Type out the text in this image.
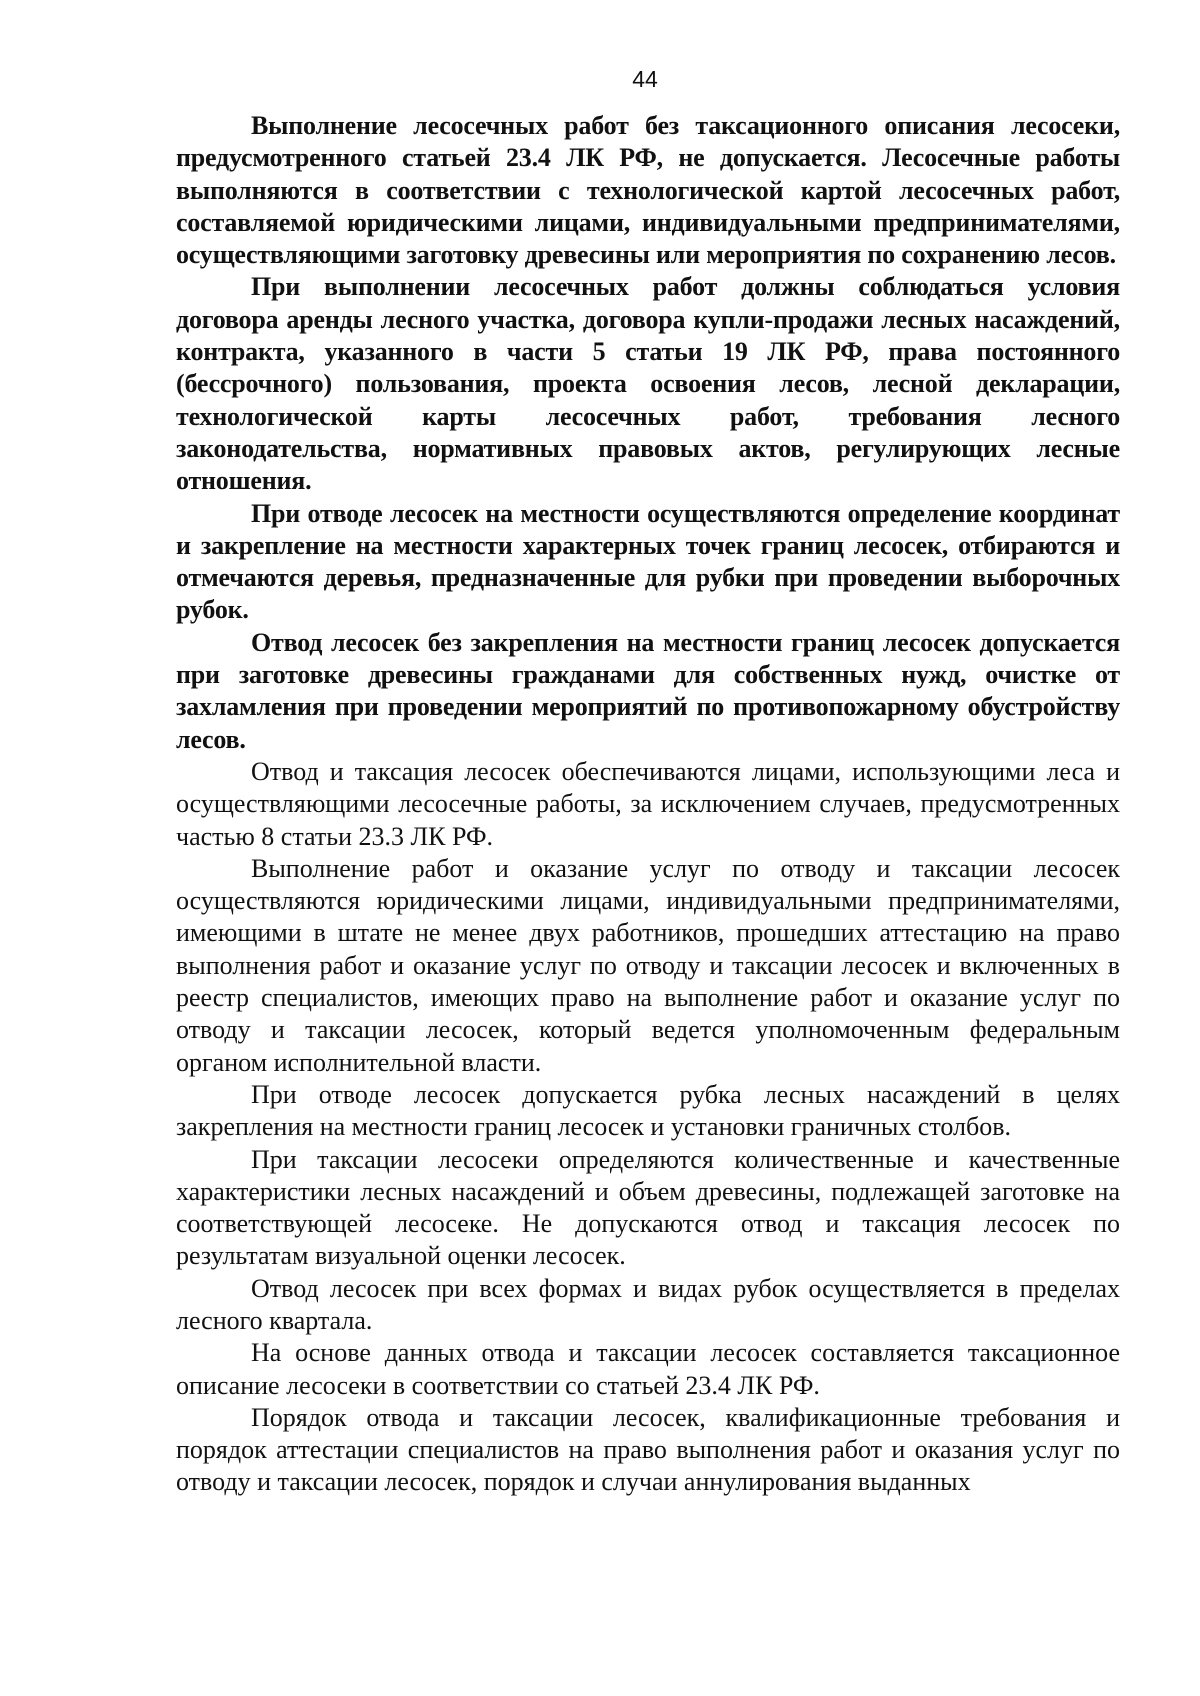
44

Выполнение лесосечных работ без таксационного описания лесосеки, предусмотренного статьей 23.4 ЛК РФ, не допускается. Лесосечные работы выполняются в соответствии с технологической картой лесосечных работ, составляемой юридическими лицами, индивидуальными предпринимателями, осуществляющими заготовку древесины или мероприятия по сохранению лесов.

При выполнении лесосечных работ должны соблюдаться условия договора аренды лесного участка, договора купли-продажи лесных насаждений, контракта, указанного в части 5 статьи 19 ЛК РФ, права постоянного (бессрочного) пользования, проекта освоения лесов, лесной декларации, технологической карты лесосечных работ, требования лесного законодательства, нормативных правовых актов, регулирующих лесные отношения.

При отводе лесосек на местности осуществляются определение координат и закрепление на местности характерных точек границ лесосек, отбираются и отмечаются деревья, предназначенные для рубки при проведении выборочных рубок.

Отвод лесосек без закрепления на местности границ лесосек допускается при заготовке древесины гражданами для собственных нужд, очистке от захламления при проведении мероприятий по противопожарному обустройству лесов.

Отвод и таксация лесосек обеспечиваются лицами, использующими леса и осуществляющими лесосечные работы, за исключением случаев, предусмотренных частью 8 статьи 23.3 ЛК РФ.

Выполнение работ и оказание услуг по отводу и таксации лесосек осуществляются юридическими лицами, индивидуальными предпринимателями, имеющими в штате не менее двух работников, прошедших аттестацию на право выполнения работ и оказание услуг по отводу и таксации лесосек и включенных в реестр специалистов, имеющих право на выполнение работ и оказание услуг по отводу и таксации лесосек, который ведется уполномоченным федеральным органом исполнительной власти.

При отводе лесосек допускается рубка лесных насаждений в целях закрепления на местности границ лесосек и установки граничных столбов.

При таксации лесосеки определяются количественные и качественные характеристики лесных насаждений и объем древесины, подлежащей заготовке на соответствующей лесосеке. Не допускаются отвод и таксация лесосек по результатам визуальной оценки лесосек.

Отвод лесосек при всех формах и видах рубок осуществляется в пределах лесного квартала.

На основе данных отвода и таксации лесосек составляется таксационное описание лесосеки в соответствии со статьей 23.4 ЛК РФ.

Порядок отвода и таксации лесосек, квалификационные требования и порядок аттестации специалистов на право выполнения работ и оказания услуг по отводу и таксации лесосек, порядок и случаи аннулирования выданных
